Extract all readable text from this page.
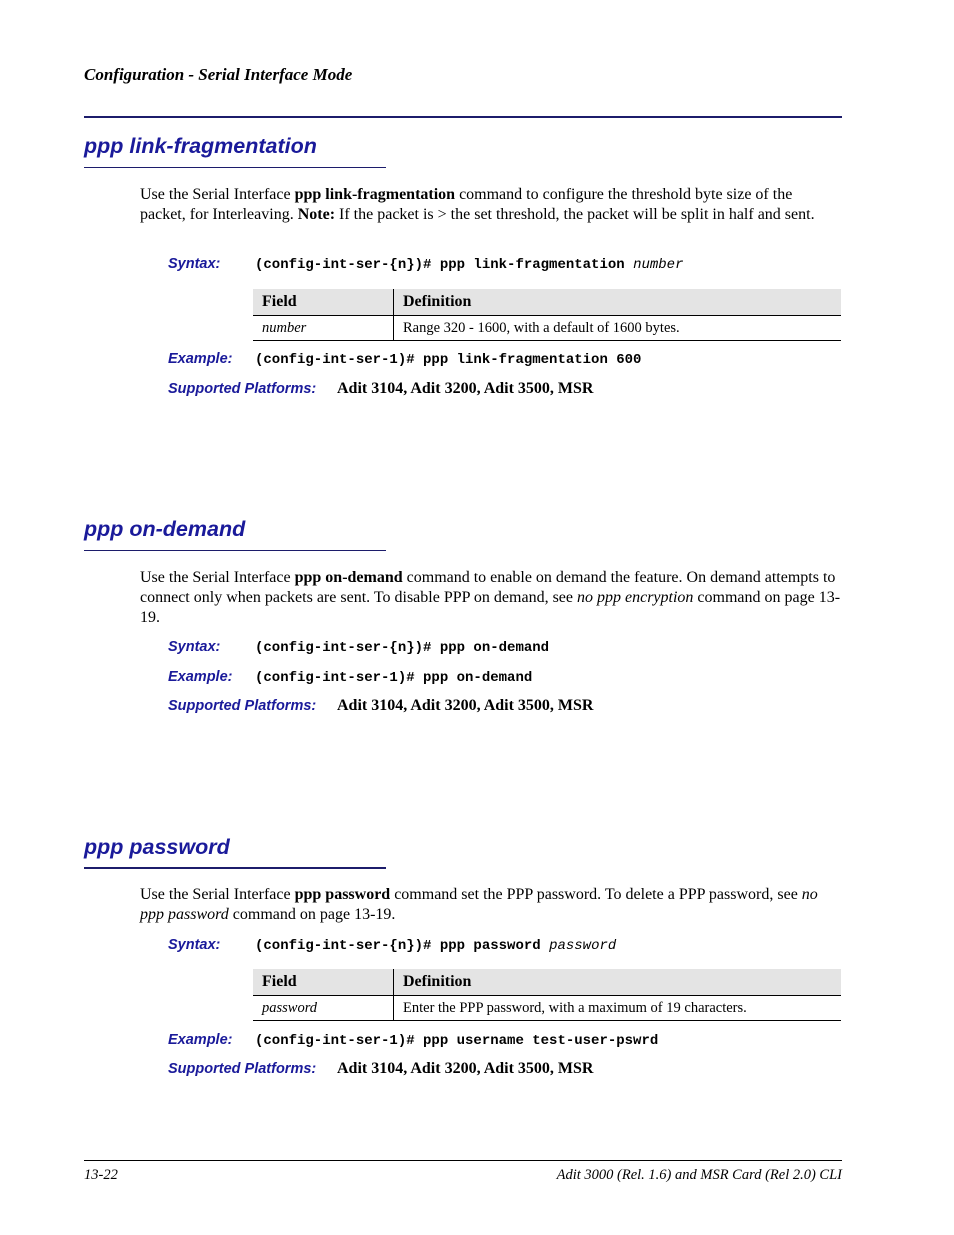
Configuration - Serial Interface Mode
ppp link-fragmentation
Use the Serial Interface ppp link-fragmentation command to configure the threshold byte size of the packet, for Interleaving. Note: If the packet is > the set threshold, the packet will be split in half and sent.
Syntax: (config-int-ser-{n})# ppp link-fragmentation number
Field	Definition
number	Range 320 - 1600, with a default of 1600 bytes.
Example: (config-int-ser-1)# ppp link-fragmentation 600
Supported Platforms: Adit 3104, Adit 3200, Adit 3500, MSR
ppp on-demand
Use the Serial Interface ppp on-demand command to enable on demand the feature. On demand attempts to connect only when packets are sent. To disable PPP on demand, see no ppp encryption command on page 13-19.
Syntax: (config-int-ser-{n})# ppp on-demand
Example: (config-int-ser-1)# ppp on-demand
Supported Platforms: Adit 3104, Adit 3200, Adit 3500, MSR
ppp password
Use the Serial Interface ppp password command set the PPP password. To delete a PPP password, see no ppp password command on page 13-19.
Syntax: (config-int-ser-{n})# ppp password password
Field	Definition
password	Enter the PPP password, with a maximum of 19 characters.
Example: (config-int-ser-1)# ppp username test-user-pswrd
Supported Platforms: Adit 3104, Adit 3200, Adit 3500, MSR
13-22	Adit 3000 (Rel. 1.6) and MSR Card (Rel 2.0) CLI
